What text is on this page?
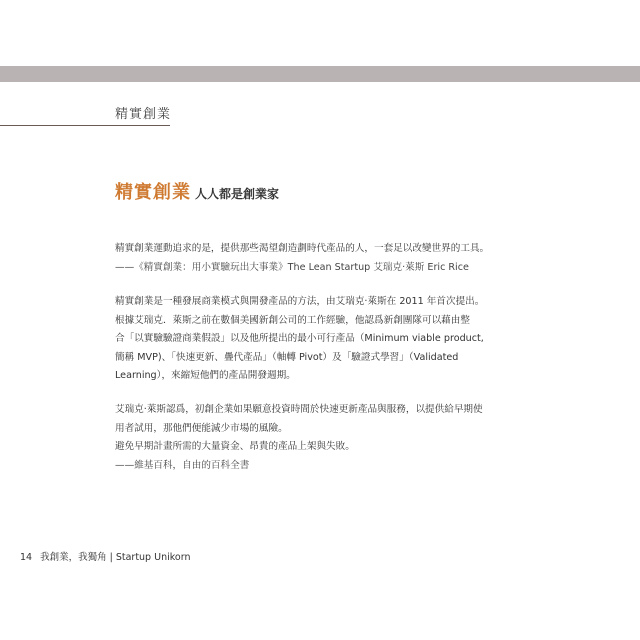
精實創業
精實創業 人人都是創業家
精實創業運動追求的是，提供那些渴望創造劃時代產品的人，一套足以改變世界的工具。
——《精實創業：用小實驗玩出大事業》The Lean Startup 艾瑞克‧萊斯 Eric Rice
精實創業是一種發展商業模式與開發產品的方法，由艾瑞克‧萊斯在 2011 年首次提出。
根據艾瑞克．萊斯之前在數個美國新創公司的工作經驗，他認爲新創團隊可以藉由整
合「以實驗驗證商業假設」以及他所提出的最小可行產品（Minimum viable product,
簡稱 MVP)、「快速更新、疊代產品」（軸轉 Pivot）及「驗證式學習」（Validated
Learning），來縮短他們的產品開發週期。
艾瑞克‧萊斯認爲，初創企業如果願意投資時間於快速更新產品與服務，以提供給早期使
用者試用，那他們便能減少市場的風險。
避免早期計畫所需的大量資金、昂貴的產品上架與失敗。
——維基百科，自由的百科全書
14 我創業，我獨角 | Startup Unikorn
